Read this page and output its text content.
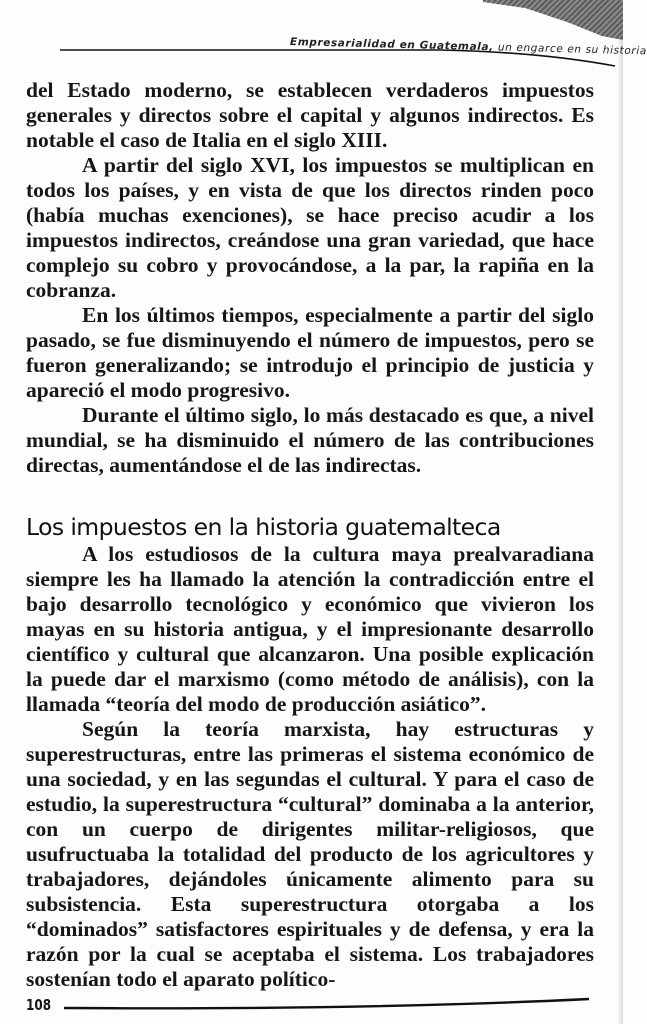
Empresarialidad en Guatemala, un engarce en su historia

del Estado moderno, se establecen verdaderos impuestos generales y directos sobre el capital y algunos indirectos. Es notable el caso de Italia en el siglo XIII.

A partir del siglo XVI, los impuestos se multiplican en todos los países, y en vista de que los directos rinden poco (había muchas exenciones), se hace preciso acudir a los impuestos indirectos, creándose una gran variedad, que hace complejo su cobro y provocándose, a la par, la rapiña en la cobranza.

En los últimos tiempos, especialmente a partir del siglo pasado, se fue disminuyendo el número de impuestos, pero se fueron generalizando; se introdujo el principio de justicia y apareció el modo progresivo.

Durante el último siglo, lo más destacado es que, a nivel mundial, se ha disminuido el número de las contribuciones directas, aumentándose el de las indirectas.

Los impuestos en la historia guatemalteca

A los estudiosos de la cultura maya prealvaradiana siempre les ha llamado la atención la contradicción entre el bajo desarrollo tecnológico y económico que vivieron los mayas en su historia antigua, y el impresionante desarrollo científico y cultural que alcanzaron. Una posible explicación la puede dar el marxismo (como método de análisis), con la llamada “teoría del modo de producción asiático”.

Según la teoría marxista, hay estructuras y superestructuras, entre las primeras el sistema económico de una sociedad, y en las segundas el cultural. Y para el caso de estudio, la superestructura “cultural” dominaba a la anterior, con un cuerpo de dirigentes militar-religiosos, que usufructuaba la totalidad del producto de los agricultores y trabajadores, dejándoles únicamente alimento para su subsistencia. Esta superestructura otorgaba a los “dominados” satisfactores espirituales y de defensa, y era la razón por la cual se aceptaba el sistema. Los trabajadores sostenían todo el aparato político-

108
